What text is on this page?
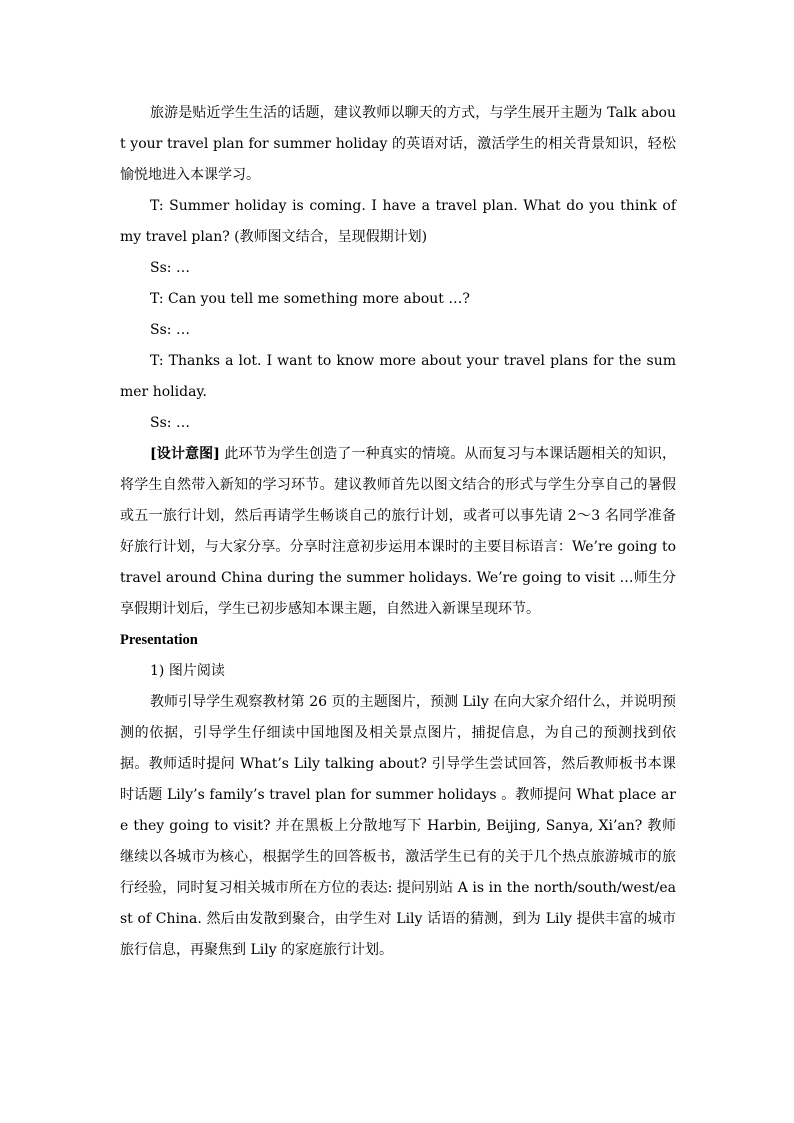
旅游是贴近学生生活的话题，建议教师以聊天的方式，与学生展开主题为 Talk about your travel plan for summer holiday 的英语对话，激活学生的相关背景知识，轻松愉悦地进入本课学习。

T: Summer holiday is coming. I have a travel plan. What do you think of my travel plan? (教师图文结合，呈现假期计划)

Ss: …

T: Can you tell me something more about …?

Ss: …

T: Thanks a lot. I want to know more about your travel plans for the summer holiday.

Ss: …

[设计意图] 此环节为学生创造了一种真实的情境。从而复习与本课话题相关的知识，将学生自然带入新知的学习环节。建议教师首先以图文结合的形式与学生分享自己的暑假或五一旅行计划，然后再请学生畅谈自己的旅行计划，或者可以事先请 2～3 名同学准备好旅行计划，与大家分享。分享时注意初步运用本课时的主要目标语言：We’re going to travel around China during the summer holidays. We’re going to visit …师生分享假期计划后，学生已初步感知本课主题，自然进入新课呈现环节。

Presentation

1) 图片阅读

教师引导学生观察教材第 26 页的主题图片，预测 Lily 在向大家介绍什么，并说明预测的依据，引导学生仔细读中国地图及相关景点图片，捕捉信息，为自己的预测找到依据。教师适时提问 What’s Lily talking about? 引导学生尝试回答，然后教师板书本课时话题 Lily’s family’s travel plan for summer holidays 。教师提问 What place are they going to visit? 并在黑板上分散地写下 Harbin, Beijing, Sanya, Xi’an? 教师继续以各城市为核心，根据学生的回答板书，激活学生已有的关于几个热点旅游城市的旅行经验，同时复习相关城市所在方位的表达: 提问别站 A is in the north/south/west/east of China. 然后由发散到聚合，由学生对 Lily 话语的猜测，到为 Lily 提供丰富的城市旅行信息，再聚焦到 Lily 的家庭旅行计划。
